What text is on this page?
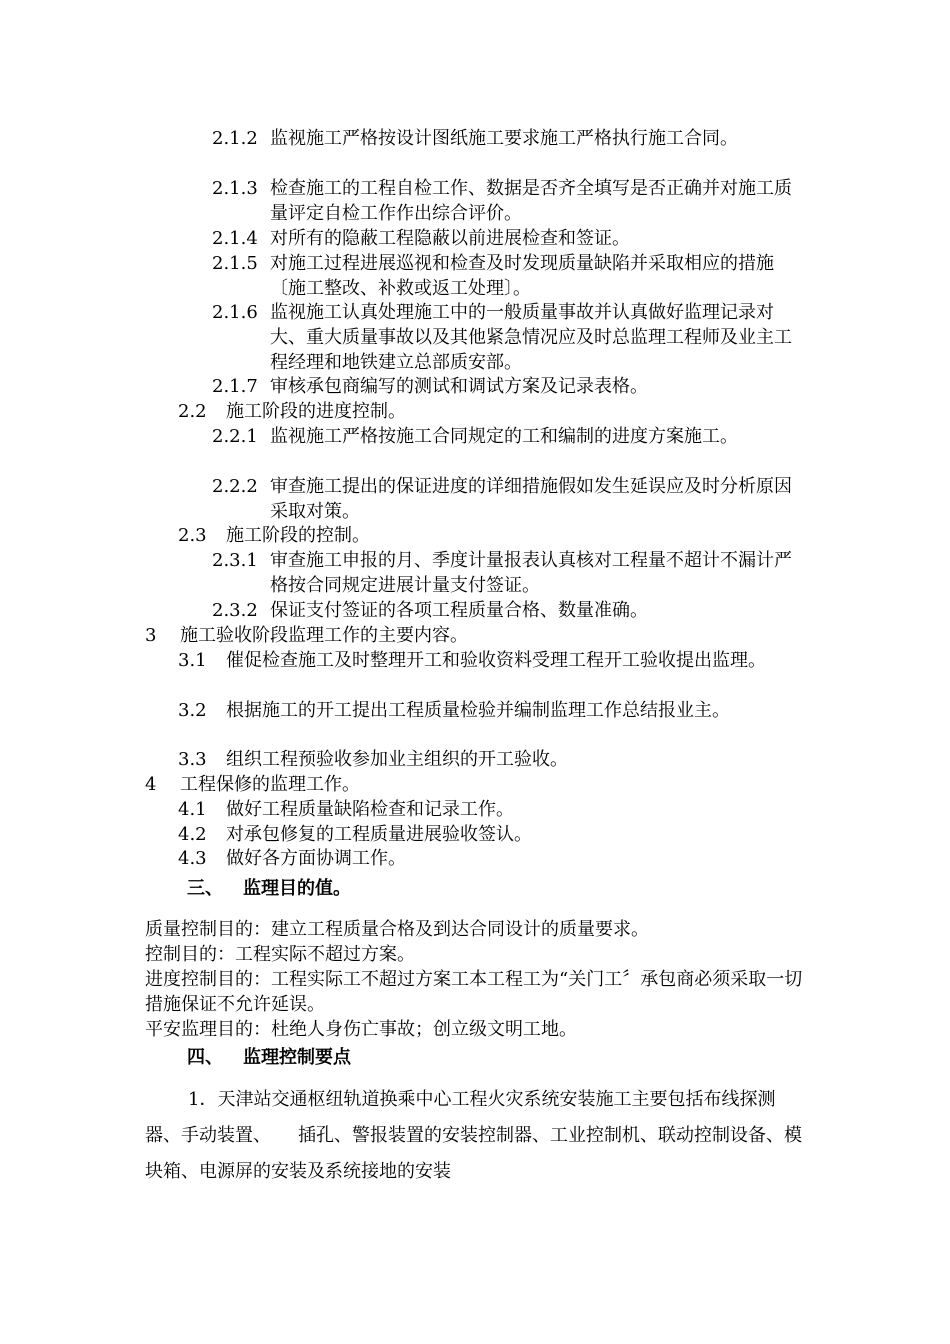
2.1.2 监视施工严格按设计图纸施工要求施工严格执行施工合同。
2.1.3 检查施工的工程自检工作、数据是否齐全填写是否正确并对施工质量评定自检工作作出综合评价。
2.1.4 对所有的隐蔽工程隐蔽以前进展检查和签证。
2.1.5 对施工过程进展巡视和检查及时发现质量缺陷并采取相应的措施〔施工整改、补救或返工处理〕。
2.1.6 监视施工认真处理施工中的一般质量事故并认真做好监理记录对大、重大质量事故以及其他紧急情况应及时总监理工程师及业主工程经理和地铁建立总部质安部。
2.1.7 审核承包商编写的测试和调试方案及记录表格。
2.2 施工阶段的进度控制。
2.2.1 监视施工严格按施工合同规定的工和编制的进度方案施工。
2.2.2 审查施工提出的保证进度的详细措施假如发生延误应及时分析原因采取对策。
2.3 施工阶段的控制。
2.3.1 审查施工申报的月、季度计量报表认真核对工程量不超计不漏计严格按合同规定进展计量支付签证。
2.3.2 保证支付签证的各项工程质量合格、数量准确。
3 施工验收阶段监理工作的主要内容。
3.1 催促检查施工及时整理开工和验收资料受理工程开工验收提出监理。
3.2 根据施工的开工提出工程质量检验并编制监理工作总结报业主。
3.3 组织工程预验收参加业主组织的开工验收。
4 工程保修的监理工作。
4.1 做好工程质量缺陷检查和记录工作。
4.2 对承包修复的工程质量进展验收签认。
4.3 做好各方面协调工作。
三、 监理目的值。
质量控制目的：建立工程质量合格及到达合同设计的质量要求。
控制目的：工程实际不超过方案。
进度控制目的：工程实际工不超过方案工本工程工为“关门工〞承包商必须采取一切措施保证不允许延误。
平安监理目的：杜绝人身伤亡事故；创立级文明工地。
四、 监理控制要点
1．天津站交通枢纽轨道换乘中心工程火灾系统安装施工主要包括布线探测器、手动装置、　　插孔、警报装置的安装控制器、工业控制机、联动控制设备、模块箱、电源屏的安装及系统接地的安装
